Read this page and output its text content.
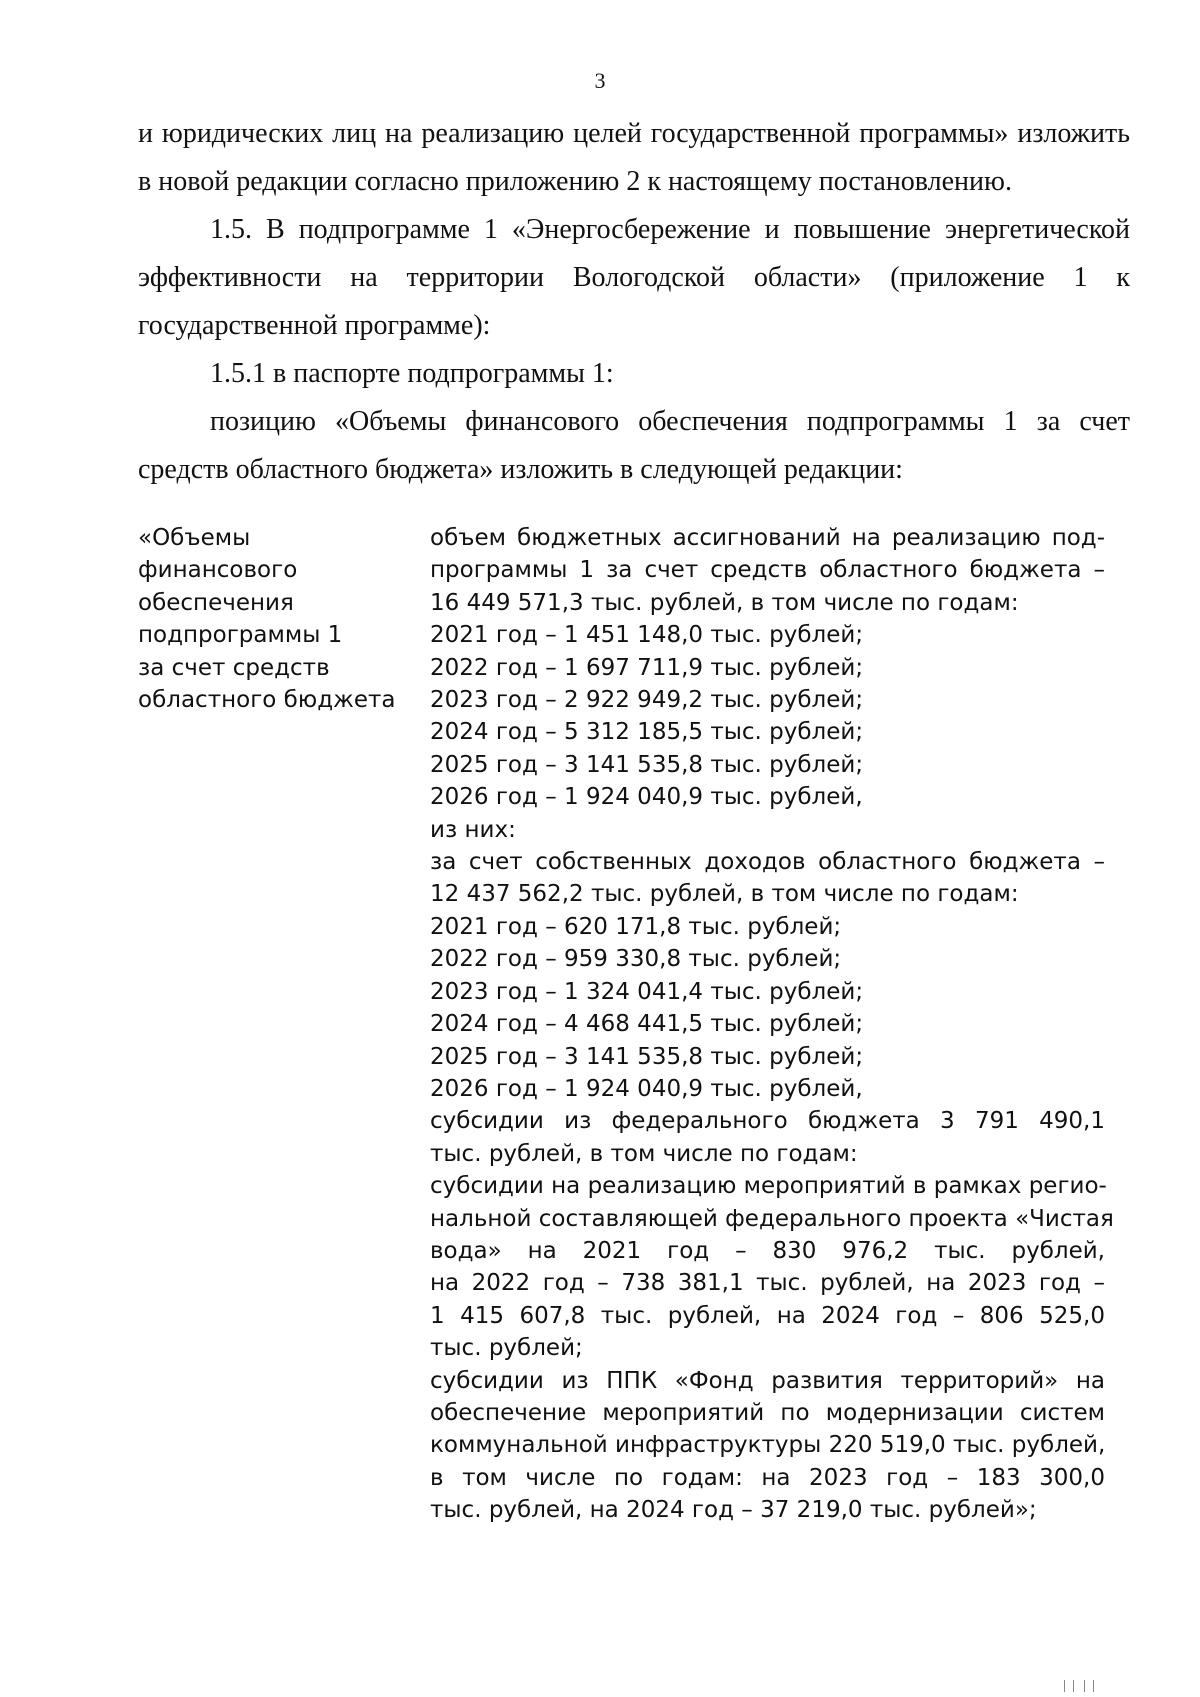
3

и юридических лиц на реализацию целей государственной программы» изложить в новой редакции согласно приложению 2 к настоящему постановлению.

1.5. В подпрограмме 1 «Энергосбережение и повышение энергетической эффективности на территории Вологодской области» (приложение 1 к государственной программе):

1.5.1 в паспорте подпрограммы 1:

позицию «Объемы финансового обеспечения подпрограммы 1 за счет средств областного бюджета» изложить в следующей редакции:

«Объемы
финансового
обеспечения
подпрограммы 1
за счет средств
областного бюджета
объем бюджетных ассигнований на реализацию под-
программы 1 за счет средств областного бюджета –
16 449 571,3 тыс. рублей, в том числе по годам:
2021 год – 1 451 148,0 тыс. рублей;
2022 год – 1 697 711,9 тыс. рублей;
2023 год – 2 922 949,2 тыс. рублей;
2024 год – 5 312 185,5 тыс. рублей;
2025 год – 3 141 535,8 тыс. рублей;
2026 год – 1 924 040,9 тыс. рублей,
из них:
за счет собственных доходов областного бюджета –
12 437 562,2 тыс. рублей, в том числе по годам:
2021 год – 620 171,8 тыс. рублей;
2022 год – 959 330,8 тыс. рублей;
2023 год – 1 324 041,4 тыс. рублей;
2024 год – 4 468 441,5 тыс. рублей;
2025 год – 3 141 535,8 тыс. рублей;
2026 год – 1 924 040,9 тыс. рублей,
субсидии из федерального бюджета 3 791 490,1
тыс. рублей, в том числе по годам:
субсидии на реализацию мероприятий в рамках регио-
нальной составляющей федерального проекта «Чистая
вода» на 2021 год – 830 976,2 тыс. рублей,
на 2022 год – 738 381,1 тыс. рублей, на 2023 год –
1 415 607,8 тыс. рублей, на 2024 год – 806 525,0
тыс. рублей;
субсидии из ППК «Фонд развития территорий» на
обеспечение мероприятий по модернизации систем
коммунальной инфраструктуры 220 519,0 тыс. рублей,
в том числе по годам: на 2023 год – 183 300,0
тыс. рублей, на 2024 год – 37 219,0 тыс. рублей»;
